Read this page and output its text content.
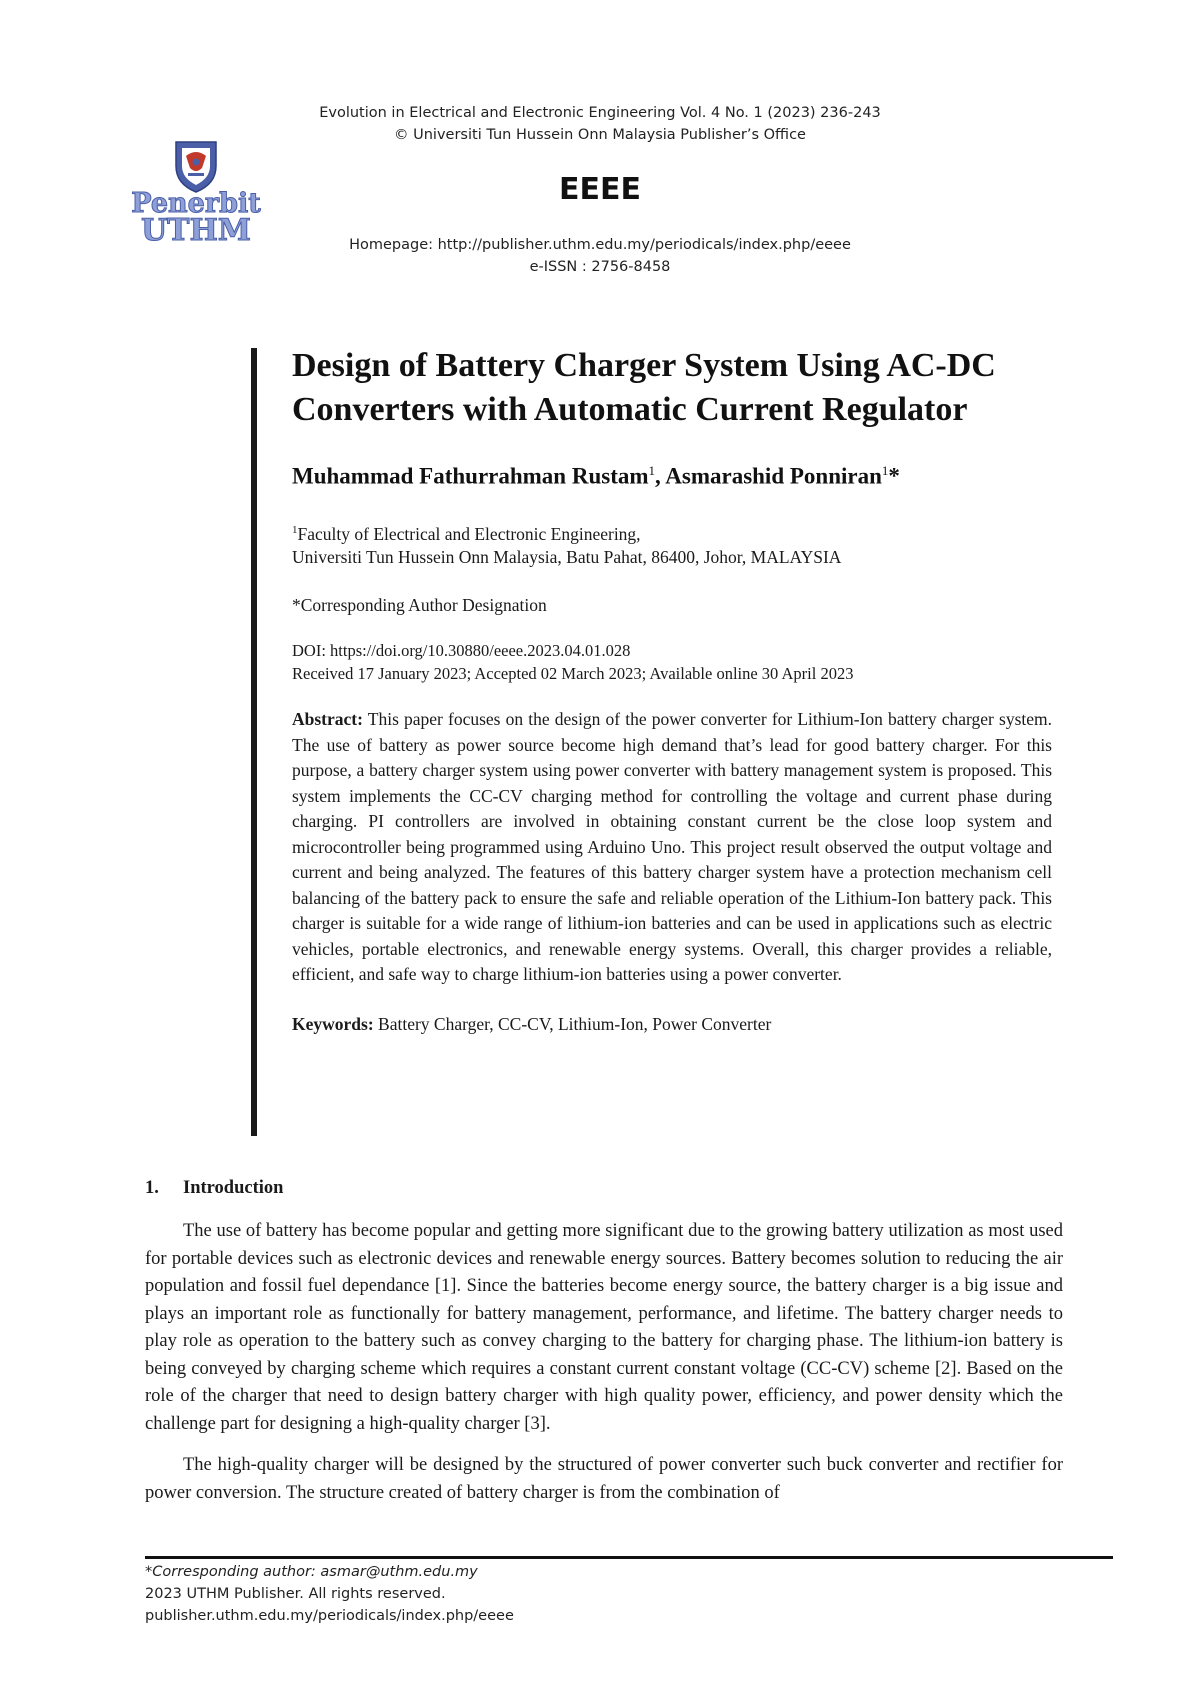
Evolution in Electrical and Electronic Engineering Vol. 4 No. 1 (2023) 236-243
© Universiti Tun Hussein Onn Malaysia Publisher’s Office
Penerbit
UTHM
EEEE
Homepage: http://publisher.uthm.edu.my/periodicals/index.php/eeee
e-ISSN : 2756-8458
Design of Battery Charger System Using AC-DC
Converters with Automatic Current Regulator
Muhammad Fathurrahman Rustam$^1$, Asmarashid Ponniran$^1$*
$^1$Faculty of Electrical and Electronic Engineering,
Universiti Tun Hussein Onn Malaysia, Batu Pahat, 86400, Johor, MALAYSIA
*Corresponding Author Designation
DOI: https://doi.org/10.30880/eeee.2023.04.01.028
Received 17 January 2023; Accepted 02 March 2023; Available online 30 April 2023
Abstract: This paper focuses on the design of the power converter for Lithium-Ion battery charger system. The use of battery as power source become high demand that’s lead for good battery charger. For this purpose, a battery charger system using power converter with battery management system is proposed. This system implements the CC-CV charging method for controlling the voltage and current phase during charging. PI controllers are involved in obtaining constant current be the close loop system and microcontroller being programmed using Arduino Uno. This project result observed the output voltage and current and being analyzed. The features of this battery charger system have a protection mechanism cell balancing of the battery pack to ensure the safe and reliable operation of the Lithium-Ion battery pack. This charger is suitable for a wide range of lithium-ion batteries and can be used in applications such as electric vehicles, portable electronics, and renewable energy systems. Overall, this charger provides a reliable, efficient, and safe way to charge lithium-ion batteries using a power converter.
Keywords: Battery Charger, CC-CV, Lithium-Ion, Power Converter
1. Introduction

The use of battery has become popular and getting more significant due to the growing battery utilization as most used for portable devices such as electronic devices and renewable energy sources. Battery becomes solution to reducing the air population and fossil fuel dependance [1]. Since the batteries become energy source, the battery charger is a big issue and plays an important role as functionally for battery management, performance, and lifetime. The battery charger needs to play role as operation to the battery such as convey charging to the battery for charging phase. The lithium-ion battery is being conveyed by charging scheme which requires a constant current constant voltage (CC-CV) scheme [2]. Based on the role of the charger that need to design battery charger with high quality power, efficiency, and power density which the challenge part for designing a high-quality charger [3].

The high-quality charger will be designed by the structured of power converter such buck converter and rectifier for power conversion. The structure created of battery charger is from the combination of

*Corresponding author: asmar@uthm.edu.my
2023 UTHM Publisher. All rights reserved.
publisher.uthm.edu.my/periodicals/index.php/eeee
